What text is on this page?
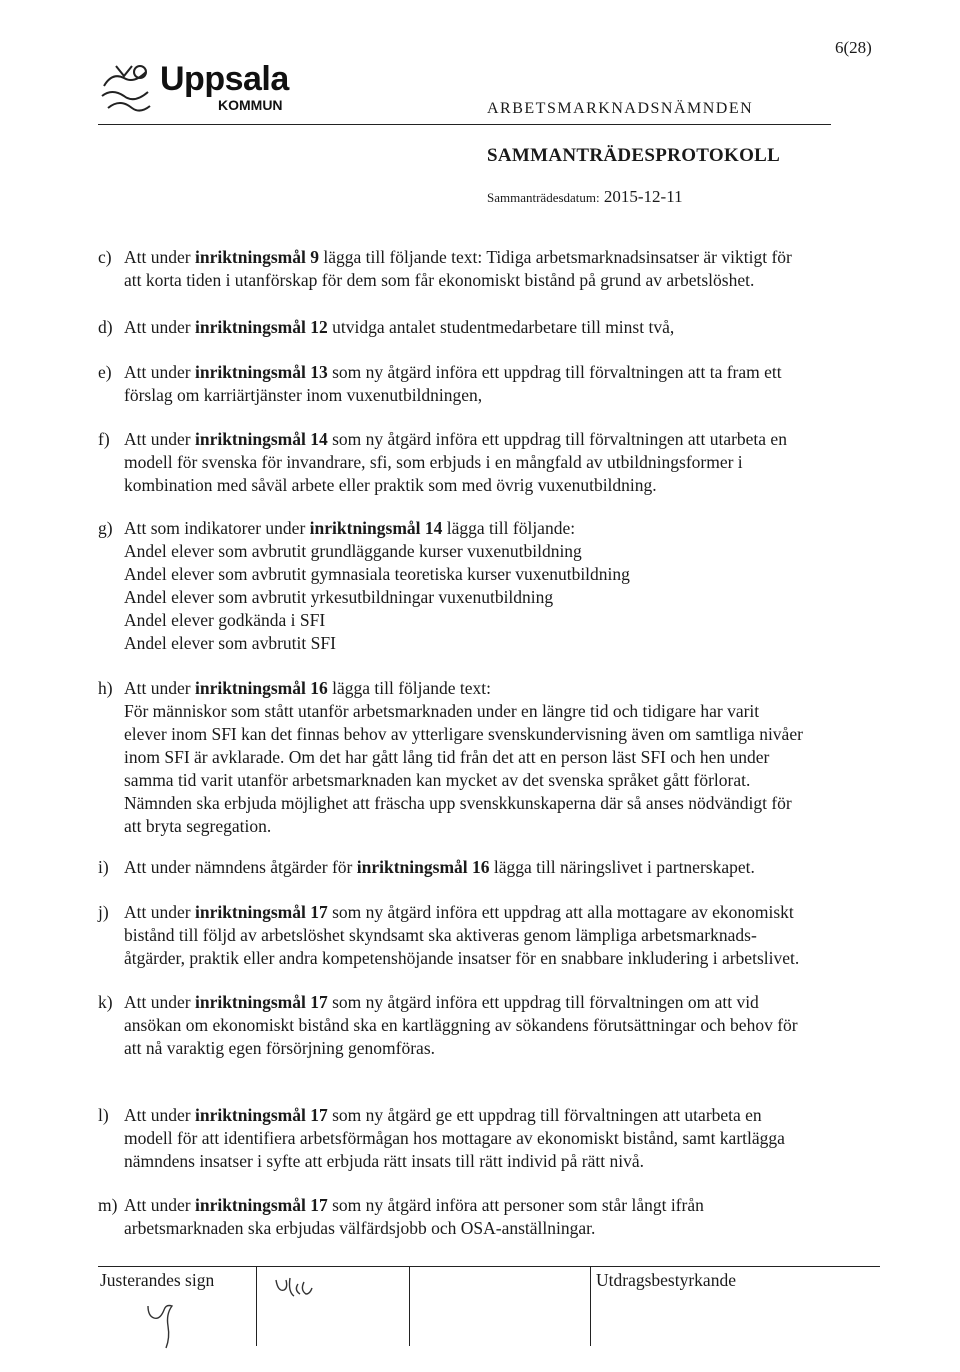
6(28)
Uppsala
KOMMUN	ARBETSMARKNADSNÄMNDEN
SAMMANTRÄDESPROTOKOLL
Sammanträdesdatum: 2015-12-11
c) Att under inriktningsmål 9 lägga till följande text: Tidiga arbetsmarknadsinsatser är viktigt för
att korta tiden i utanförskap för dem som får ekonomiskt bistånd på grund av arbetslöshet.
d) Att under inriktningsmål 12 utvidga antalet studentmedarbetare till minst två,
e) Att under inriktningsmål 13 som ny åtgärd införa ett uppdrag till förvaltningen att ta fram ett
förslag om karriärtjänster inom vuxenutbildningen,
f) Att under inriktningsmål 14 som ny åtgärd införa ett uppdrag till förvaltningen att utarbeta en
modell för svenska för invandrare, sfi, som erbjuds i en mångfald av utbildningsformer i
kombination med såväl arbete eller praktik som med övrig vuxenutbildning.
g) Att som indikatorer under inriktningsmål 14 lägga till följande:
Andel elever som avbrutit grundläggande kurser vuxenutbildning
Andel elever som avbrutit gymnasiala teoretiska kurser vuxenutbildning
Andel elever som avbrutit yrkesutbildningar vuxenutbildning
Andel elever godkända i SFI
Andel elever som avbrutit SFI
h) Att under inriktningsmål 16 lägga till följande text:
För människor som stått utanför arbetsmarknaden under en längre tid och tidigare har varit
elever inom SFI kan det finnas behov av ytterligare svenskundervisning även om samtliga nivåer
inom SFI är avklarade. Om det har gått lång tid från det att en person läst SFI och hen under
samma tid varit utanför arbetsmarknaden kan mycket av det svenska språket gått förlorat.
Nämnden ska erbjuda möjlighet att fräscha upp svenskkunskaperna där så anses nödvändigt för
att bryta segregation.
i) Att under nämndens åtgärder för inriktningsmål 16 lägga till näringslivet i partnerskapet.
j) Att under inriktningsmål 17 som ny åtgärd införa ett uppdrag att alla mottagare av ekonomiskt
bistånd till följd av arbetslöshet skyndsamt ska aktiveras genom lämpliga arbetsmarknads-
åtgärder, praktik eller andra kompetenshöjande insatser för en snabbare inkludering i arbetslivet.
k) Att under inriktningsmål 17 som ny åtgärd införa ett uppdrag till förvaltningen om att vid
ansökan om ekonomiskt bistånd ska en kartläggning av sökandens förutsättningar och behov för
att nå varaktig egen försörjning genomföras.
l) Att under inriktningsmål 17 som ny åtgärd ge ett uppdrag till förvaltningen att utarbeta en
modell för att identifiera arbetsförmågan hos mottagare av ekonomiskt bistånd, samt kartlägga
nämndens insatser i syfte att erbjuda rätt insats till rätt individ på rätt nivå.
m) Att under inriktningsmål 17 som ny åtgärd införa att personer som står långt ifrån
arbetsmarknaden ska erbjudas välfärdsjobb och OSA-anställningar.
Justerandes sign	Utdragsbestyrkande
